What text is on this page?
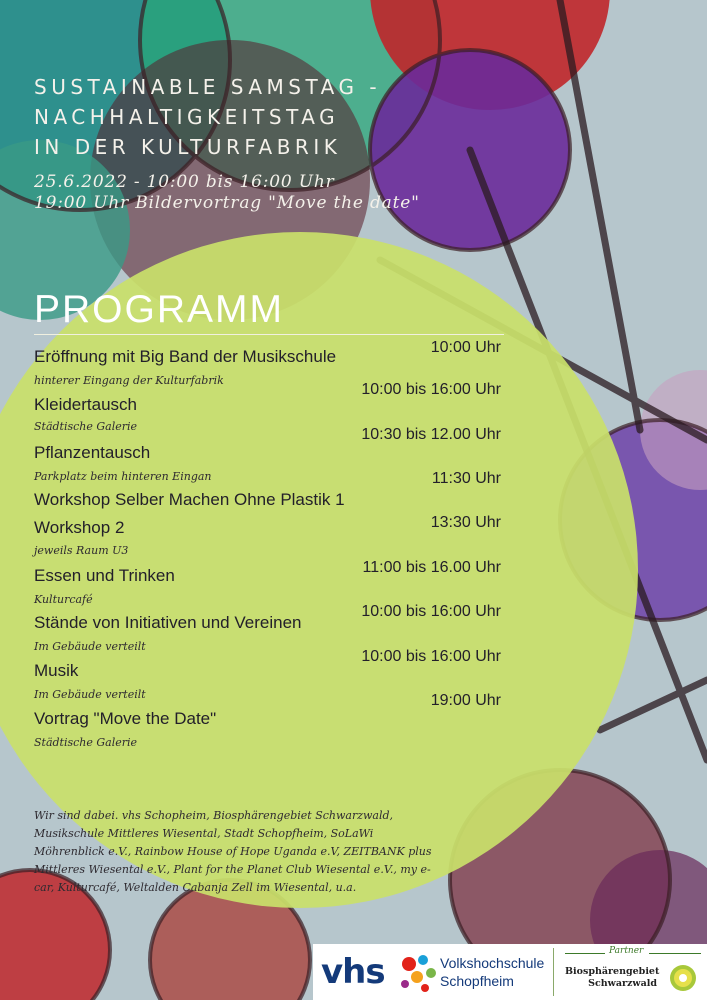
SUSTAINABLE SAMSTAG -
NACHHALTIGKEITSTAG
IN DER KULTURFABRIK
25.6.2022 - 10:00 bis 16:00 Uhr
19:00 Uhr Bildervortrag "Move the date"
PROGRAMM
Eröffnung mit Big Band der Musikschule
hinterer Eingang der Kulturfabrik
10:00 Uhr
Kleidertausch
Städtische Galerie
10:00 bis 16:00 Uhr
Pflanzentausch
Parkplatz beim hinteren Eingan
10:30 bis 12.00 Uhr
Workshop Selber Machen Ohne Plastik 1
11:30 Uhr
Workshop 2
jeweils Raum U3
13:30 Uhr
Essen und Trinken
Kulturcafé
11:00 bis 16.00 Uhr
Stände von Initiativen und Vereinen
Im Gebäude verteilt
10:00 bis 16:00 Uhr
Musik
Im Gebäude verteilt
10:00 bis 16:00 Uhr
Vortrag "Move the Date"
Städtische Galerie
19:00 Uhr

Wir sind dabei. vhs Schopheim, Biosphärengebiet Schwarzwald, Musikschule Mittleres Wiesental, Stadt Schopfheim, SoLaWi Möhrenblick e.V., Rainbow House of Hope Uganda e.V, ZEITBANK plus Mittleres Wiesental e.V., Plant for the Planet Club Wiesental e.V., my e-car, Kulturcafé, Weltalden Cabanja Zell im Wiesental, u.a.

vhs	Volkshochschule
Schopfheim
Partner
Biosphärengebiet
Schwarzwald
